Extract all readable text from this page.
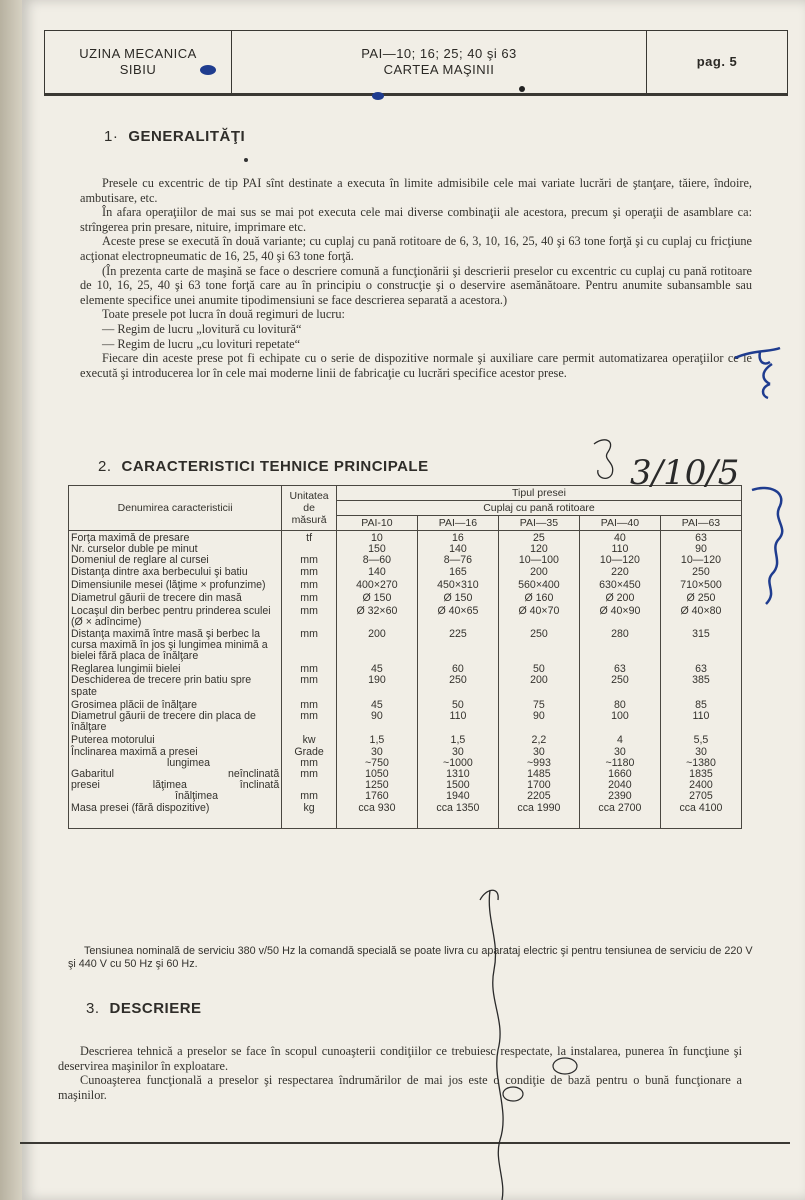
UZINA MECANICA
SIBIU
PAI—10; 16; 25; 40 şi 63
CARTEA MAŞINII
pag. 5
1· GENERALITĂŢI

Presele cu excentric de tip PAI sînt destinate a executa în limite admisibile cele mai variate lucrări de ştanţare, tăiere, îndoire, ambutisare, etc.

În afara operaţiilor de mai sus se mai pot executa cele mai diverse combinaţii ale acestora, precum şi operaţii de asamblare ca: strîngerea prin presare, nituire, imprimare etc.

Aceste prese se execută în două variante; cu cuplaj cu pană rotitoare de 6, 3, 10, 16, 25, 40 şi 63 tone forţă şi cu cuplaj cu fricţiune acţionat electropneumatic de 16, 25, 40 şi 63 tone forţă.

(În prezenta carte de maşină se face o descriere comună a funcţionării şi descrierii preselor cu excentric cu cuplaj cu pană rotitoare de 10, 16, 25, 40 şi 63 tone forţă care au în principiu o construcţie şi o deservire asemănătoare. Pentru anumite subansamble sau elemente specifice unei anumite tipodimensiuni se face descrierea separată a acestora.)

Toate presele pot lucra în două regimuri de lucru:

— Regim de lucru „lovitură cu lovitură“

— Regim de lucru „cu lovituri repetate“

Fiecare din aceste prese pot fi echipate cu o serie de dispozitive normale şi auxiliare care permit automatizarea operaţiilor ce le execută şi introducerea lor în cele mai moderne linii de fabricaţie cu lucrări specifice acestor prese.

2. CARACTERISTICI TEHNICE PRINCIPALE
Denumirea caracteristicii	Unitatea
de
măsură	Tipul presei				
		Cuplaj cu pană rotitoare				
		PAI-10	PAI—16	PAI—35	PAI—40	PAI—63
Forţa maximă de presare	tf	10	16	25	40	63
Nr. curselor duble pe minut		150	140	120	110	90
Domeniul de reglare al cursei	mm	8—60	8—76	10—100	10—120	10—120
Distanţa dintre axa berbecului şi batiu	mm	140	165	200	220	250
Dimensiunile mesei (lăţime × profunzime)	mm	400×270	450×310	560×400	630×450	710×500
Diametrul găurii de trecere din masă	mm	Ø 150	Ø 150	Ø 160	Ø 200	Ø 250
Locaşul din berbec pentru prinderea sculei (Ø × adîncime)	mm	Ø 32×60	Ø 40×65	Ø 40×70	Ø 40×90	Ø 40×80
Distanţa maximă între masă şi berbec la cursa maximă în jos şi lungimea minimă a bielei fără placa de înălţare	mm	200	225	250	280	315
Reglarea lungimii bielei	mm	45	60	50	63	63
Deschiderea de trecere prin batiu spre spate	mm	190	250	200	250	385
Grosimea plăcii de înălţare	mm	45	50	75	80	85
Diametrul găurii de trecere din placa de înălţare	mm	90	110	90	100	110
Puterea motorului	kw	1,5	1,5	2,2	4	5,5
Înclinarea maximă a presei	Grade	30	30	30	30	30
lungimea	mm	~750	~1000	~993	~1180	~1380

Gabaritul neînclinată	mm	1050	1310	1485	1660	1835

presei lăţimea înclinată		1250	1500	1700	2040	2400
înălţimea	mm	1760	1940	2205	2390	2705
Masa presei (fără dispozitive)	kg	cca 930	cca 1350	cca 1990	cca 2700	cca 4100

Tensiunea nominală de serviciu 380 v/50 Hz la comandă specială se poate livra cu aparataj electric şi pentru tensiunea de serviciu de 220 V şi 440 V cu 50 Hz şi 60 Hz.

3. DESCRIERE

Descrierea tehnică a preselor se face în scopul cunoaşterii condiţiilor ce trebuiesc respectate, la instalarea, punerea în funcţiune şi deservirea maşinilor în exploatare.

Cunoaşterea funcţională a preselor şi respectarea îndrumărilor de mai jos este o condiţie de bază pentru o bună funcţionare a maşinilor.

3/10/5
